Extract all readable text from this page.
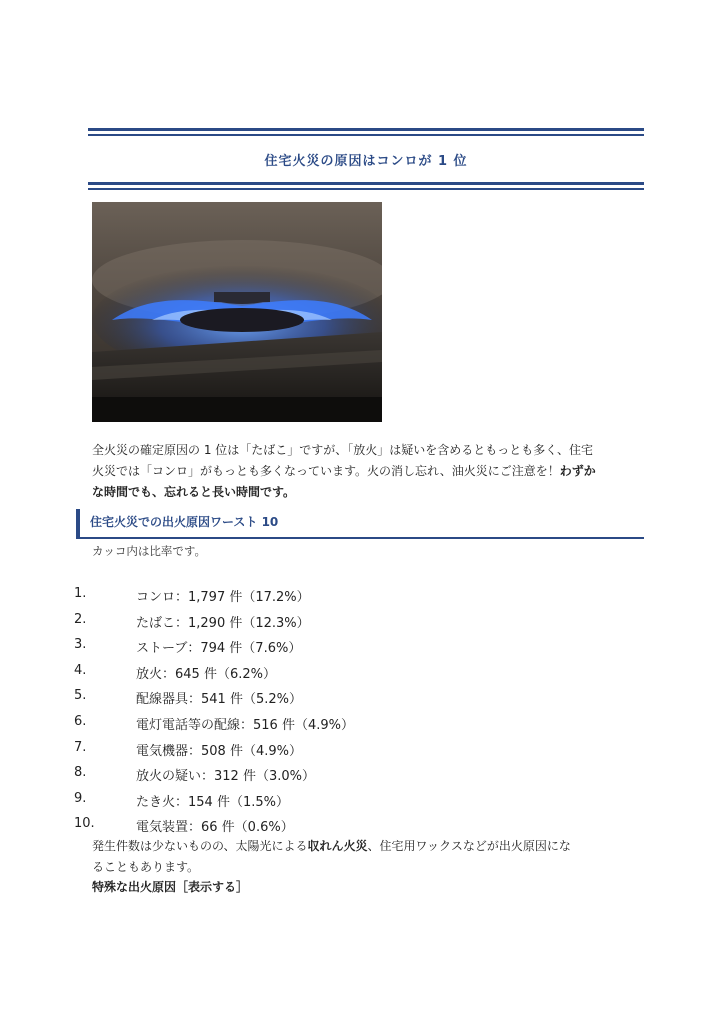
住宅火災の原因はコンロが 1 位
全火災の確定原因の 1 位は「たばこ」ですが、「放火」は疑いを含めるともっとも多く、住宅
火災では「コンロ」がもっとも多くなっています。火の消し忘れ、油火災にご注意を！わずか
な時間でも、忘れると長い時間です。
住宅火災での出火原因ワースト 10
カッコ内は比率です。
1.	コンロ：1,797 件（17.2%）
2.	たばこ：1,290 件（12.3%）
3.	ストーブ：794 件（7.6%）
4.	放火：645 件（6.2%）
5.	配線器具：541 件（5.2%）
6.	電灯電話等の配線：516 件（4.9%）
7.	電気機器：508 件（4.9%）
8.	放火の疑い：312 件（3.0%）
9.	たき火：154 件（1.5%）
10.	電気装置：66 件（0.6%）
発生件数は少ないものの、太陽光による収れん火災、住宅用ワックスなどが出火原因にな
ることもあります。
特殊な出火原因［表示する］
